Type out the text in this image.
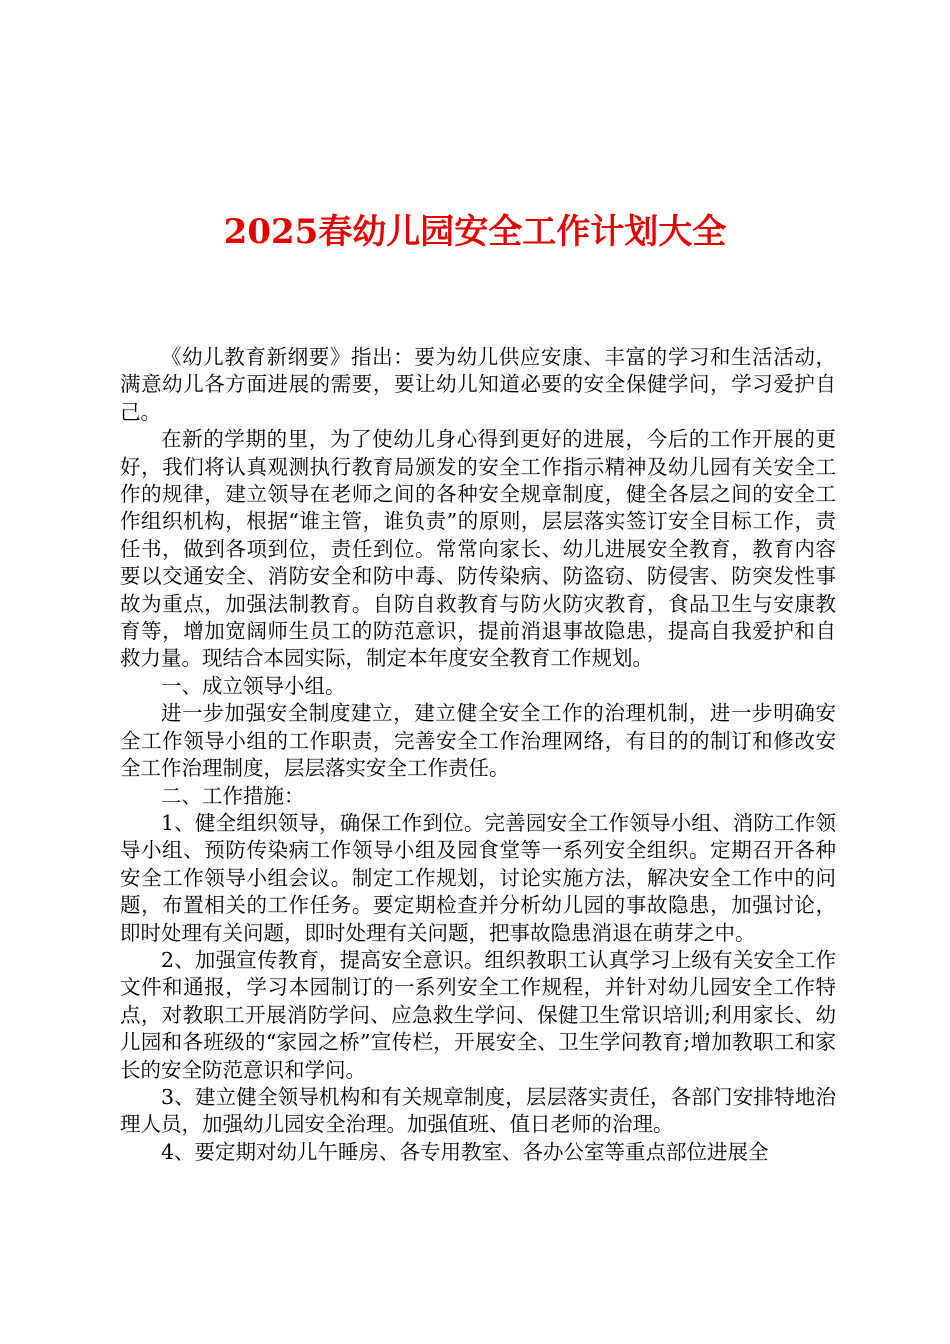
2025春幼儿园安全工作计划大全

《幼儿教育新纲要》指出：要为幼儿供应安康、丰富的学习和生活活动，满意幼儿各方面进展的需要，要让幼儿知道必要的安全保健学问，学习爱护自己。

在新的学期的里，为了使幼儿身心得到更好的进展，今后的工作开展的更好，我们将认真观测执行教育局颁发的安全工作指示精神及幼儿园有关安全工作的规律，建立领导在老师之间的各种安全规章制度，健全各层之间的安全工作组织机构，根据“谁主管，谁负责”的原则，层层落实签订安全目标工作，责任书，做到各项到位，责任到位。常常向家长、幼儿进展安全教育，教育内容要以交通安全、消防安全和防中毒、防传染病、防盗窃、防侵害、防突发性事故为重点，加强法制教育。自防自救教育与防火防灾教育，食品卫生与安康教育等，增加宽阔师生员工的防范意识，提前消退事故隐患，提高自我爱护和自救力量。现结合本园实际，制定本年度安全教育工作规划。

一、成立领导小组。

进一步加强安全制度建立，建立健全安全工作的治理机制，进一步明确安全工作领导小组的工作职责，完善安全工作治理网络，有目的的制订和修改安全工作治理制度，层层落实安全工作责任。

二、工作措施：

1、健全组织领导，确保工作到位。完善园安全工作领导小组、消防工作领导小组、预防传染病工作领导小组及园食堂等一系列安全组织。定期召开各种安全工作领导小组会议。制定工作规划，讨论实施方法，解决安全工作中的问题，布置相关的工作任务。要定期检查并分析幼儿园的事故隐患，加强讨论，即时处理有关问题，即时处理有关问题，把事故隐患消退在萌芽之中。

2、加强宣传教育，提高安全意识。组织教职工认真学习上级有关安全工作文件和通报，学习本园制订的一系列安全工作规程，并针对幼儿园安全工作特点，对教职工开展消防学问、应急救生学问、保健卫生常识培训;利用家长、幼儿园和各班级的“家园之桥”宣传栏，开展安全、卫生学问教育;增加教职工和家长的安全防范意识和学问。

3、建立健全领导机构和有关规章制度，层层落实责任，各部门安排特地治理人员，加强幼儿园安全治理。加强值班、值日老师的治理。

4、要定期对幼儿午睡房、各专用教室、各办公室等重点部位进展全
